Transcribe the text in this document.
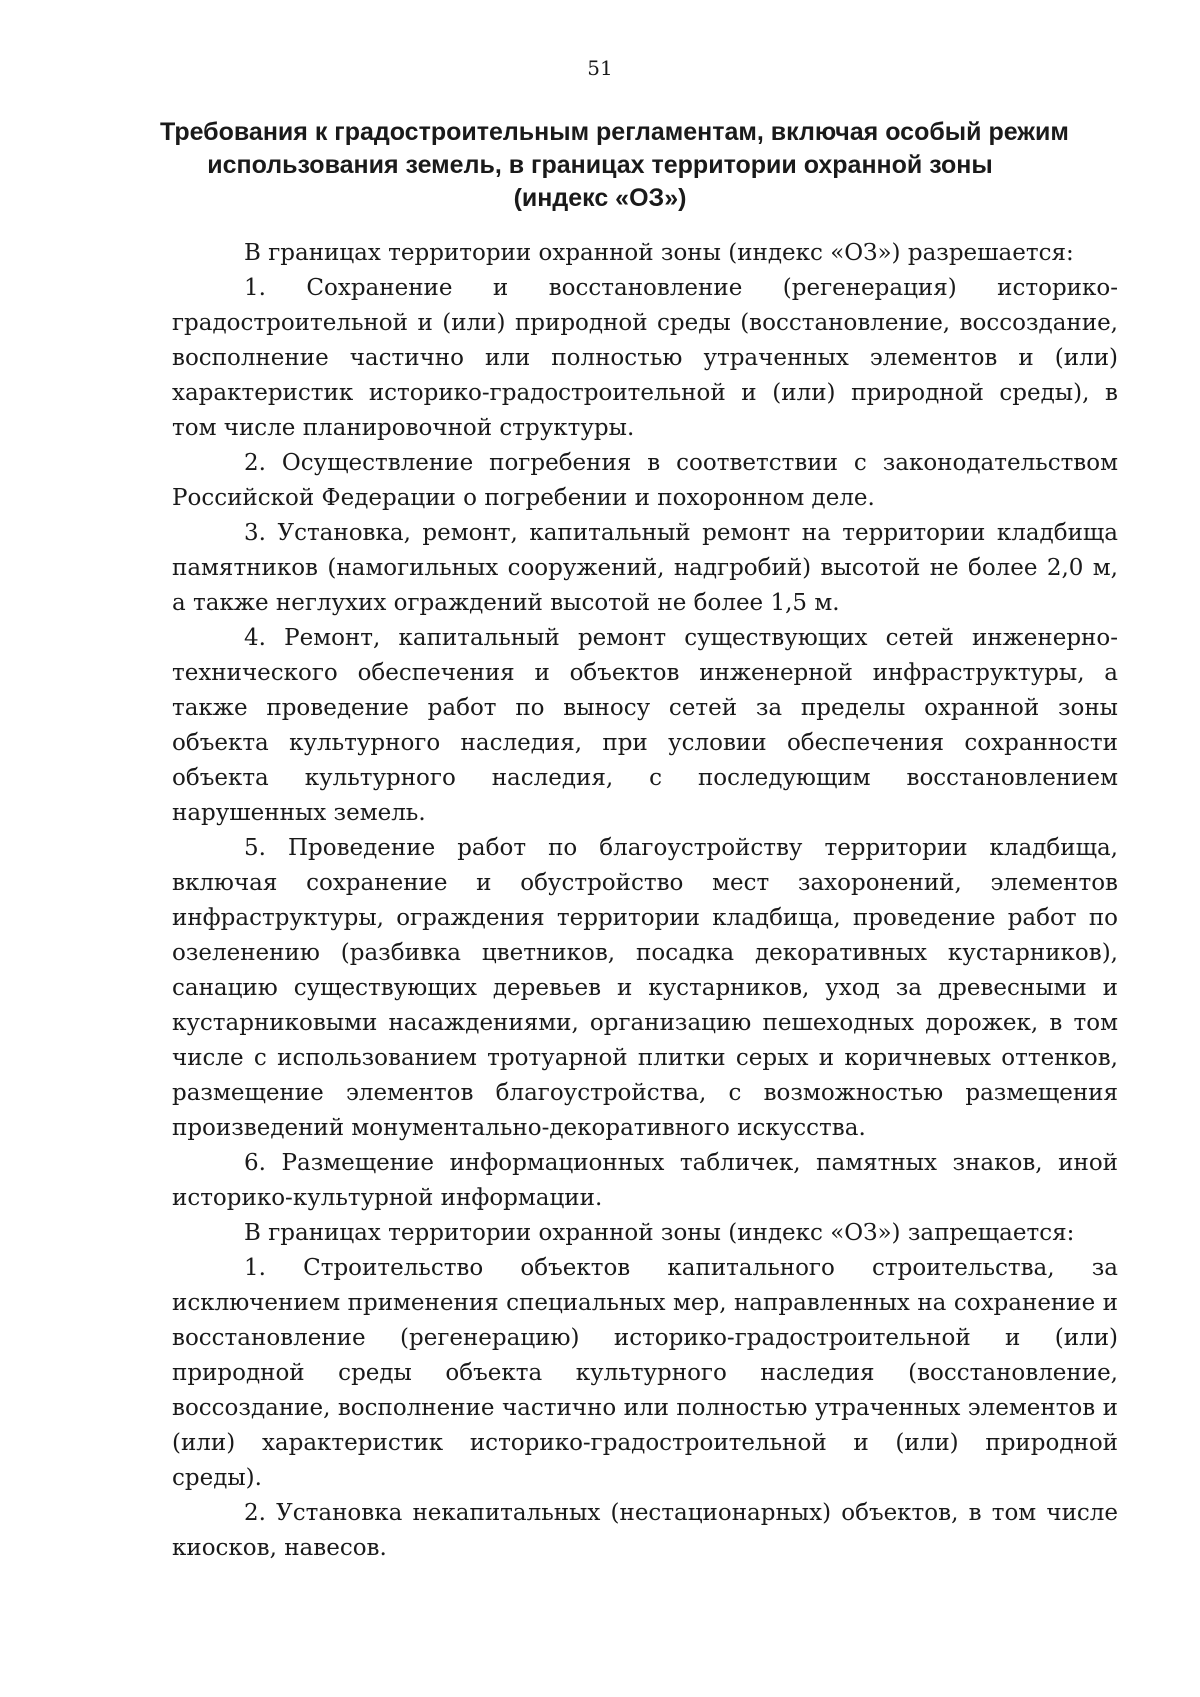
51
Требования к градостроительным регламентам, включая особый режим
использования земель, в границах территории охранной зоны
(индекс «ОЗ»)

В границах территории охранной зоны (индекс «ОЗ») разрешается:

1. Сохранение и восстановление (регенерация) историко-градостроительной и (или) природной среды (восстановление, воссоздание, восполнение частично или полностью утраченных элементов и (или) характеристик историко-градостроительной и (или) природной среды), в том числе планировочной структуры.

2. Осуществление погребения в соответствии с законодательством Российской Федерации о погребении и похоронном деле.

3. Установка, ремонт, капитальный ремонт на территории кладбища памятников (намогильных сооружений, надгробий) высотой не более 2,0 м, а также неглухих ограждений высотой не более 1,5 м.

4. Ремонт, капитальный ремонт существующих сетей инженерно-технического обеспечения и объектов инженерной инфраструктуры, а также проведение работ по выносу сетей за пределы охранной зоны объекта культурного наследия, при условии обеспечения сохранности объекта культурного наследия, с последующим восстановлением нарушенных земель.

5. Проведение работ по благоустройству территории кладбища, включая сохранение и обустройство мест захоронений, элементов инфраструктуры, ограждения территории кладбища, проведение работ по озеленению (разбивка цветников, посадка декоративных кустарников), санацию существующих деревьев и кустарников, уход за древесными и кустарниковыми насаждениями, организацию пешеходных дорожек, в том числе с использованием тротуарной плитки серых и коричневых оттенков, размещение элементов благоустройства, с возможностью размещения произведений монументально-декоративного искусства.

6. Размещение информационных табличек, памятных знаков, иной историко-культурной информации.

В границах территории охранной зоны (индекс «ОЗ») запрещается:

1. Строительство объектов капитального строительства, за исключением применения специальных мер, направленных на сохранение и восстановление (регенерацию) историко-градостроительной и (или) природной среды объекта культурного наследия (восстановление, воссоздание, восполнение частично или полностью утраченных элементов и (или) характеристик историко-градостроительной и (или) природной среды).

2. Установка некапитальных (нестационарных) объектов, в том числе киосков, навесов.
